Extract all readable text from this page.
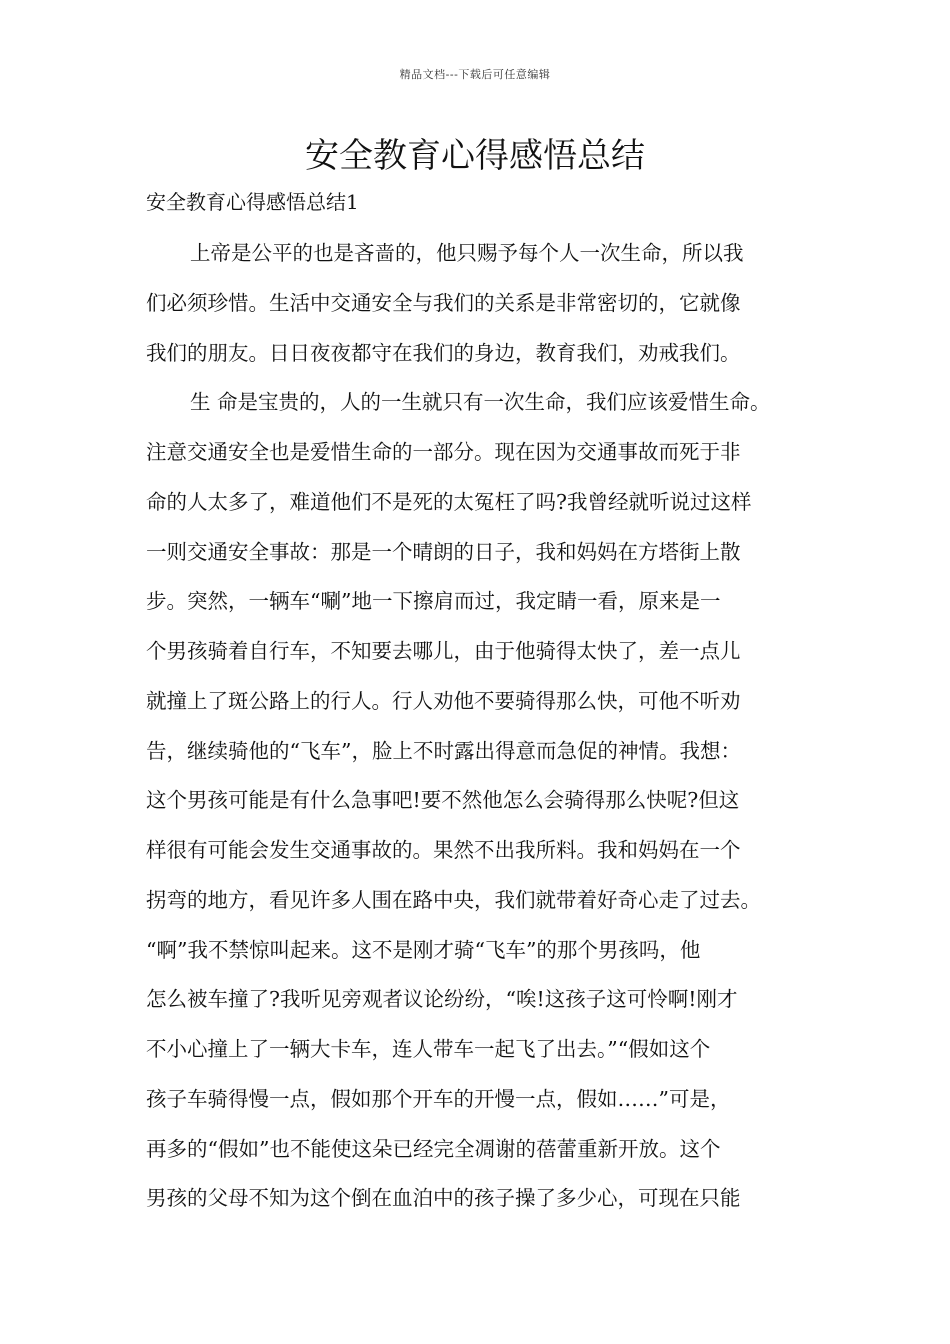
精品文档---下载后可任意编辑
安全教育心得感悟总结
安全教育心得感悟总结1
上帝是公平的也是吝啬的，他只赐予每个人一次生命，所以我
们必须珍惜。生活中交通安全与我们的关系是非常密切的，它就像
我们的朋友。日日夜夜都守在我们的身边，教育我们，劝戒我们。
生 命是宝贵的，人的一生就只有一次生命，我们应该爱惜生命。
注意交通安全也是爱惜生命的一部分。现在因为交通事故而死于非
命的人太多了，难道他们不是死的太冤枉了吗?我曾经就听说过这样
一则交通安全事故：那是一个晴朗的日子，我和妈妈在方塔街上散
步。突然，一辆车“唰”地一下擦肩而过，我定睛一看，原来是一
个男孩骑着自行车，不知要去哪儿，由于他骑得太快了，差一点儿
就撞上了斑公路上的行人。行人劝他不要骑得那么快，可他不听劝
告，继续骑他的“飞车”，脸上不时露出得意而急促的神情。我想：
这个男孩可能是有什么急事吧!要不然他怎么会骑得那么快呢?但这
样很有可能会发生交通事故的。果然不出我所料。我和妈妈在一个
拐弯的地方，看见许多人围在路中央，我们就带着好奇心走了过去。
“啊”我不禁惊叫起来。这不是刚才骑“飞车”的那个男孩吗，他
怎么被车撞了?我听见旁观者议论纷纷，“唉!这孩子这可怜啊!刚才
不小心撞上了一辆大卡车，连人带车一起飞了出去。”“假如这个
孩子车骑得慢一点，假如那个开车的开慢一点，假如……”可是，
再多的“假如”也不能使这朵已经完全凋谢的蓓蕾重新开放。这个
男孩的父母不知为这个倒在血泊中的孩子操了多少心，可现在只能
